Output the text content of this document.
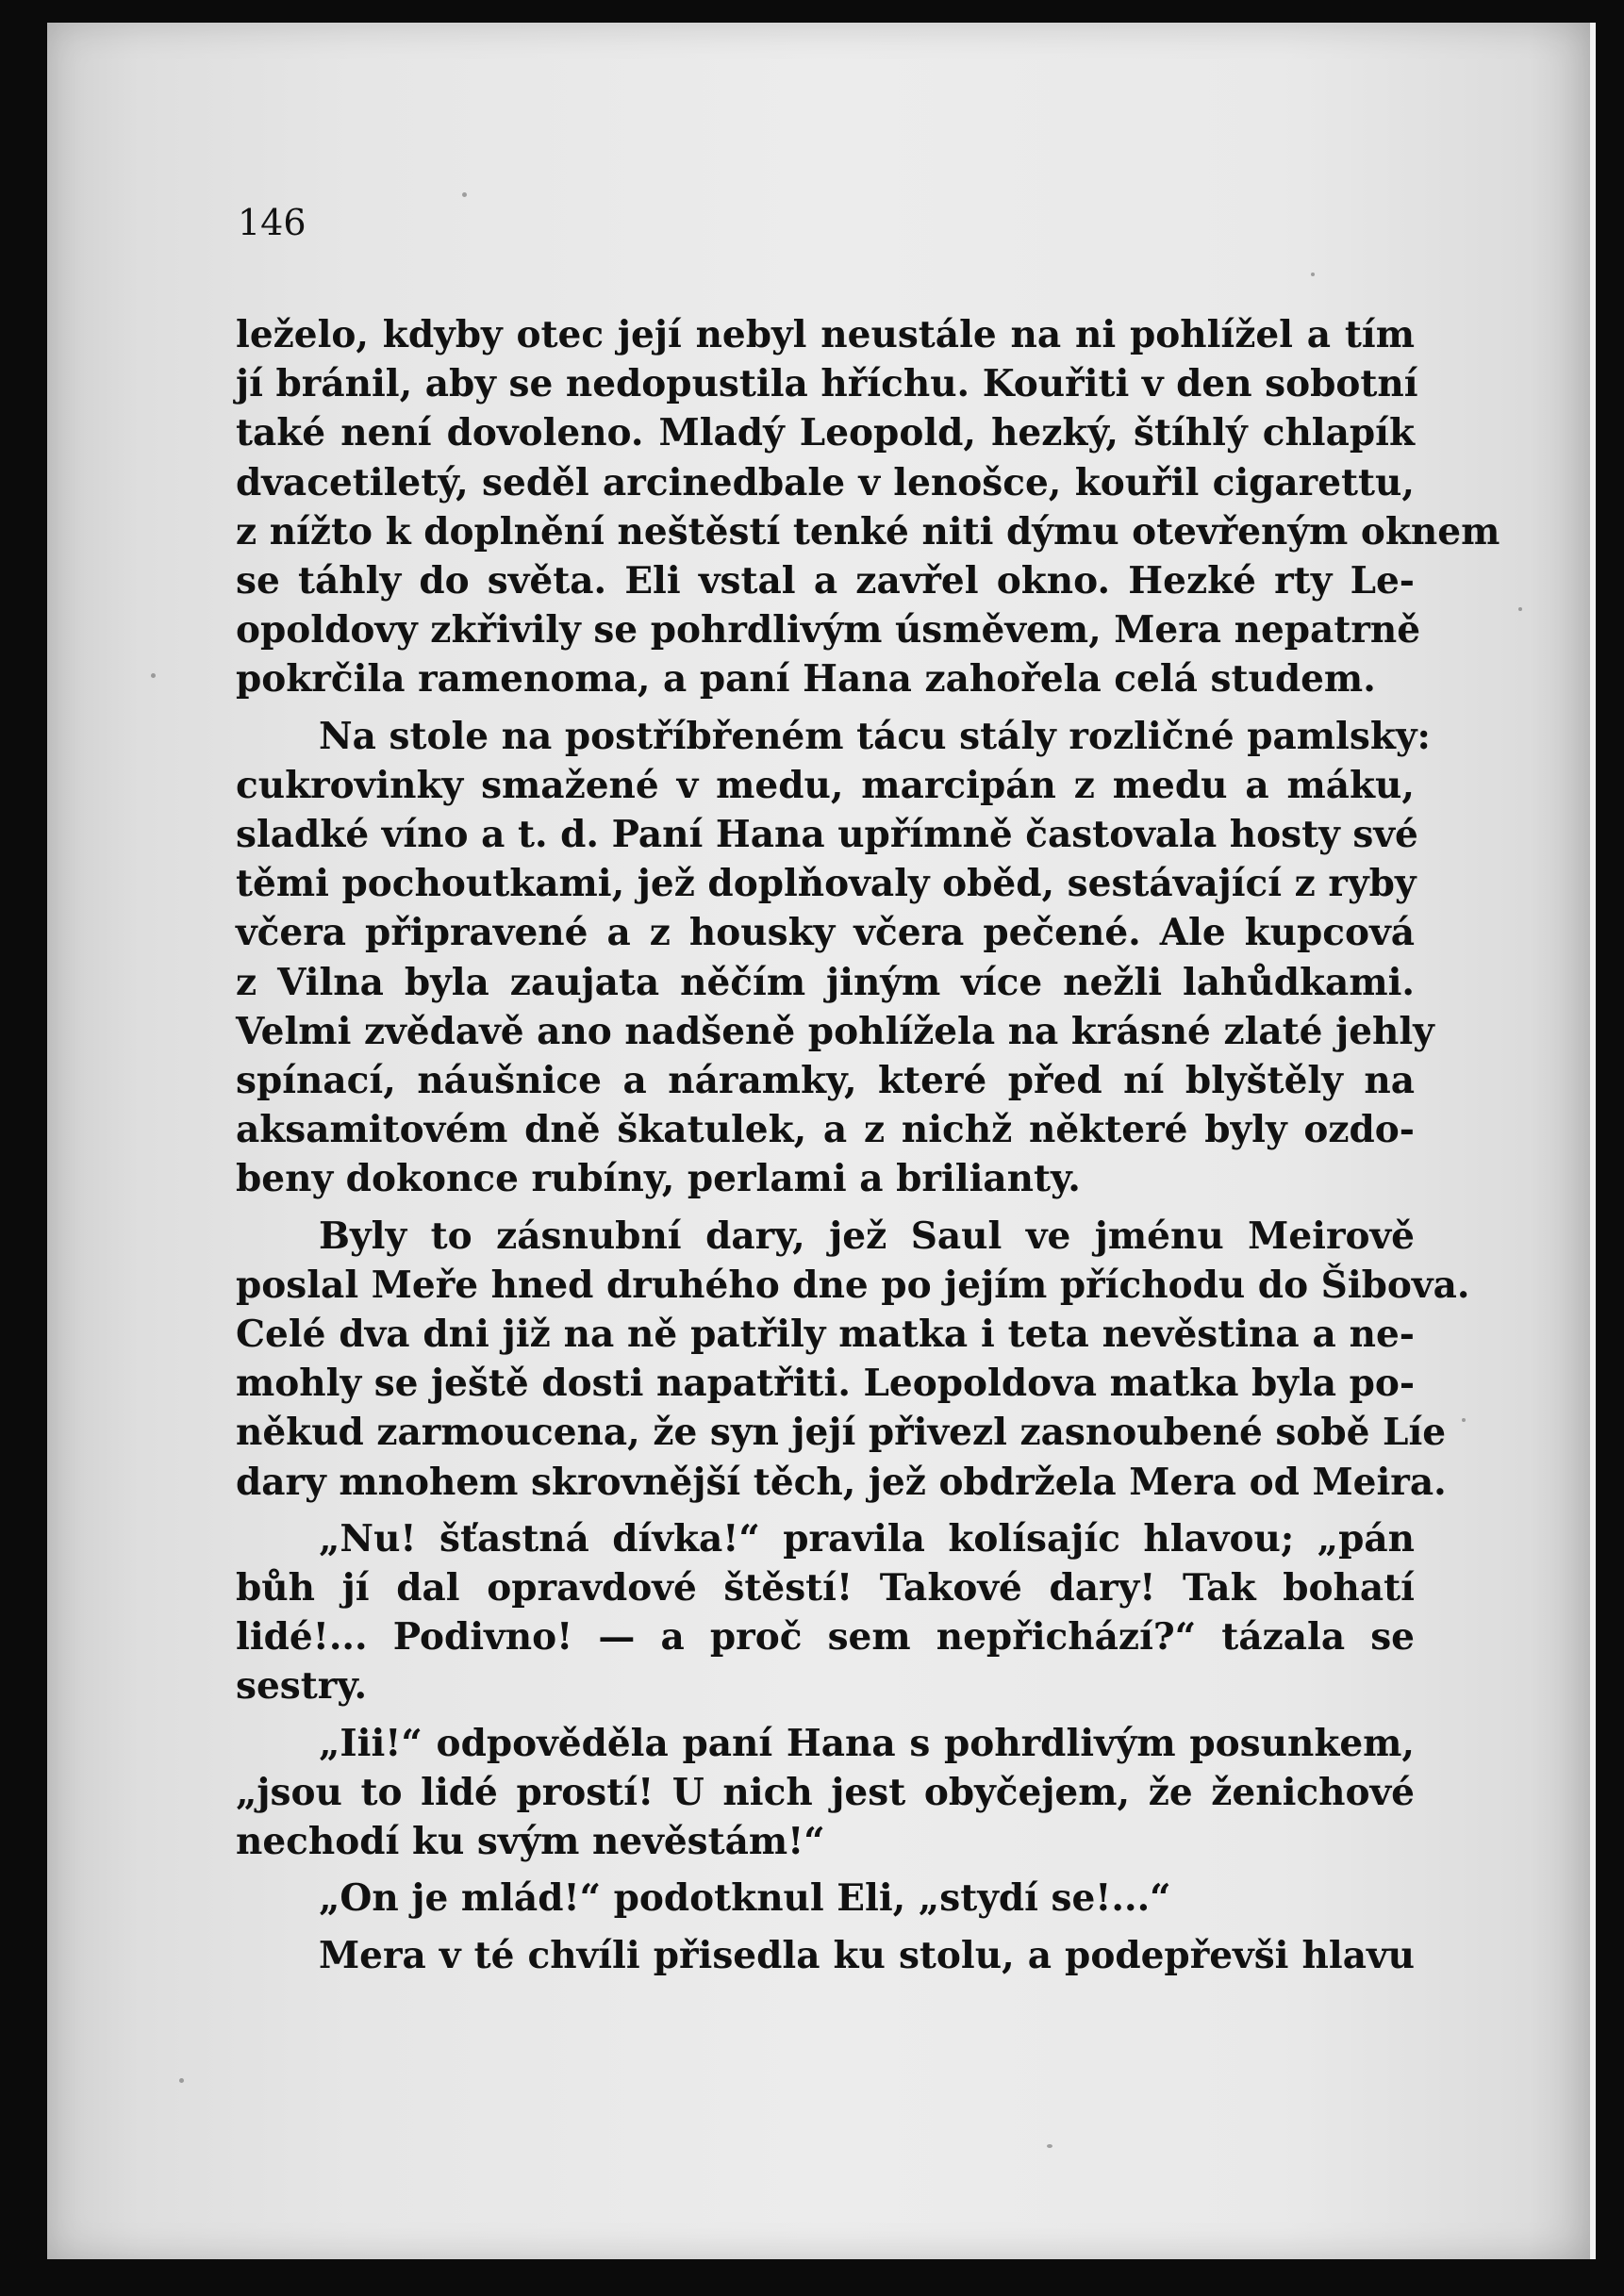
146

leželo, kdyby otec její nebyl neustále na ni pohlížel a tím
jí bránil, aby se nedopustila hříchu. Kouřiti v den sobotní
také není dovoleno. Mladý Leopold, hezký, štíhlý chlapík
dvacetiletý, seděl arcinedbale v lenošce, kouřil cigarettu,
z nížto k doplnění neštěstí tenké niti dýmu otevřeným oknem
se táhly do světa. Eli vstal a zavřel okno. Hezké rty Le-
opoldovy zkřivily se pohrdlivým úsměvem, Mera nepatrně
pokrčila ramenoma, a paní Hana zahořela celá studem.

Na stole na postříbřeném tácu stály rozličné pamlsky:
cukrovinky smažené v medu, marcipán z medu a máku,
sladké víno a t. d. Paní Hana upřímně častovala hosty své
těmi pochoutkami, jež doplňovaly oběd, sestávající z ryby
včera připravené a z housky včera pečené. Ale kupcová
z Vilna byla zaujata něčím jiným více nežli lahůdkami.
Velmi zvědavě ano nadšeně pohlížela na krásné zlaté jehly
spínací, náušnice a náramky, které před ní blyštěly na
aksamitovém dně škatulek, a z nichž některé byly ozdo-
beny dokonce rubíny, perlami a brilianty.

Byly to zásnubní dary, jež Saul ve jménu Meirově
poslal Meře hned druhého dne po jejím příchodu do Šibova.
Celé dva dni již na ně patřily matka i teta nevěstina a ne-
mohly se ještě dosti napatřiti. Leopoldova matka byla po-
někud zarmoucena, že syn její přivezl zasnoubené sobě Líe
dary mnohem skrovnější těch, jež obdržela Mera od Meira.

„Nu! šťastná dívka!“ pravila kolísajíc hlavou; „pán
bůh jí dal opravdové štěstí! Takové dary! Tak bohatí
lidé!... Podivno! — a proč sem nepřichází?“ tázala se
sestry.

„Iii!“ odpověděla paní Hana s pohrdlivým posunkem,
„jsou to lidé prostí! U nich jest obyčejem, že ženichové
nechodí ku svým nevěstám!“

„On je mlád!“ podotknul Eli, „stydí se!...“

Mera v té chvíli přisedla ku stolu, a podepřevši hlavu
